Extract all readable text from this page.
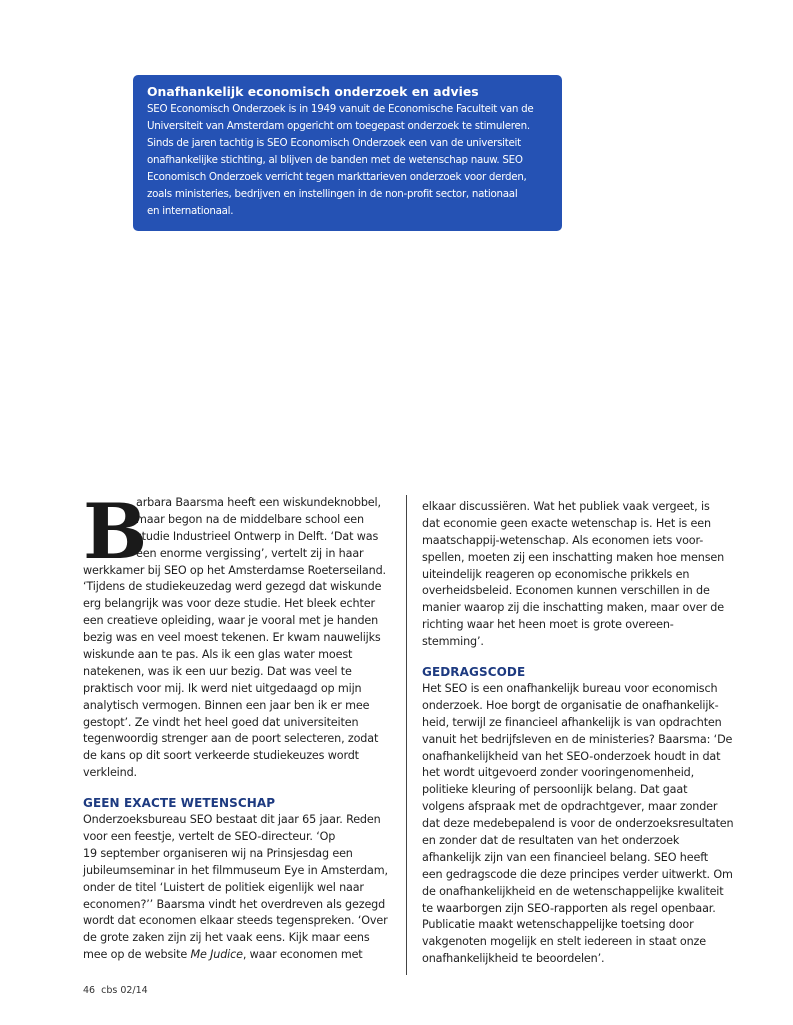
Onafhankelijk economisch onderzoek en advies
SEO Economisch Onderzoek is in 1949 vanuit de Economische Faculteit van de
Universiteit van Amsterdam opgericht om toegepast onderzoek te stimuleren.
Sinds de jaren tachtig is SEO Economisch Onderzoek een van de universiteit
onafhankelijke stichting, al blijven de banden met de wetenschap nauw. SEO
Economisch Onderzoek verricht tegen markttarieven onderzoek voor derden,
zoals ministeries, bedrijven en instellingen in de non-profit sector, nationaal
en internationaal.
B
arbara Baarsma heeft een wiskundeknobbel,
maar begon na de middelbare school een
studie Industrieel Ontwerp in Delft. ‘Dat was
een enorme vergissing’, vertelt zij in haar
werkkamer bij SEO op het Amsterdamse Roeterseiland.
‘Tijdens de studiekeuzedag werd gezegd dat wiskunde
erg belangrijk was voor deze studie. Het bleek echter
een creatieve opleiding, waar je vooral met je handen
bezig was en veel moest tekenen. Er kwam nauwelijks
wiskunde aan te pas. Als ik een glas water moest
natekenen, was ik een uur bezig. Dat was veel te
praktisch voor mij. Ik werd niet uitgedaagd op mijn
analytisch vermogen. Binnen een jaar ben ik er mee
gestopt’. Ze vindt het heel goed dat universiteiten
tegenwoordig strenger aan de poort selecteren, zodat
de kans op dit soort verkeerde studiekeuzes wordt
verkleind.
GEEN EXACTE WETENSCHAP
Onderzoeksbureau SEO bestaat dit jaar 65 jaar. Reden
voor een feestje, vertelt de SEO-directeur. ‘Op
19 september organiseren wij na Prinsjesdag een
jubileumseminar in het filmmuseum Eye in Amsterdam,
onder de titel ‘Luistert de politiek eigenlijk wel naar
economen?’’ Baarsma vindt het overdreven als gezegd
wordt dat economen elkaar steeds tegenspreken. ‘Over
de grote zaken zijn zij het vaak eens. Kijk maar eens
mee op de website Me Judice, waar economen met
elkaar discussiëren. Wat het publiek vaak vergeet, is
dat economie geen exacte wetenschap is. Het is een
maatschappij-wetenschap. Als economen iets voor-
spellen, moeten zij een inschatting maken hoe mensen
uiteindelijk reageren op economische prikkels en
overheidsbeleid. Economen kunnen verschillen in de
manier waarop zij die inschatting maken, maar over de
richting waar het heen moet is grote overeen-
stemming’.
GEDRAGSCODE
Het SEO is een onafhankelijk bureau voor economisch
onderzoek. Hoe borgt de organisatie de onafhankelijk-
heid, terwijl ze financieel afhankelijk is van opdrachten
vanuit het bedrijfsleven en de ministeries? Baarsma: ‘De
onafhankelijkheid van het SEO-onderzoek houdt in dat
het wordt uitgevoerd zonder vooringenomenheid,
politieke kleuring of persoonlijk belang. Dat gaat
volgens afspraak met de opdrachtgever, maar zonder
dat deze medebepalend is voor de onderzoeksresultaten
en zonder dat de resultaten van het onderzoek
afhankelijk zijn van een financieel belang. SEO heeft
een gedragscode die deze principes verder uitwerkt. Om
de onafhankelijkheid en de wetenschappelijke kwaliteit
te waarborgen zijn SEO-rapporten als regel openbaar.
Publicatie maakt wetenschappelijke toetsing door
vakgenoten mogelijk en stelt iedereen in staat onze
onafhankelijkheid te beoordelen’.
46 cbs 02/14
